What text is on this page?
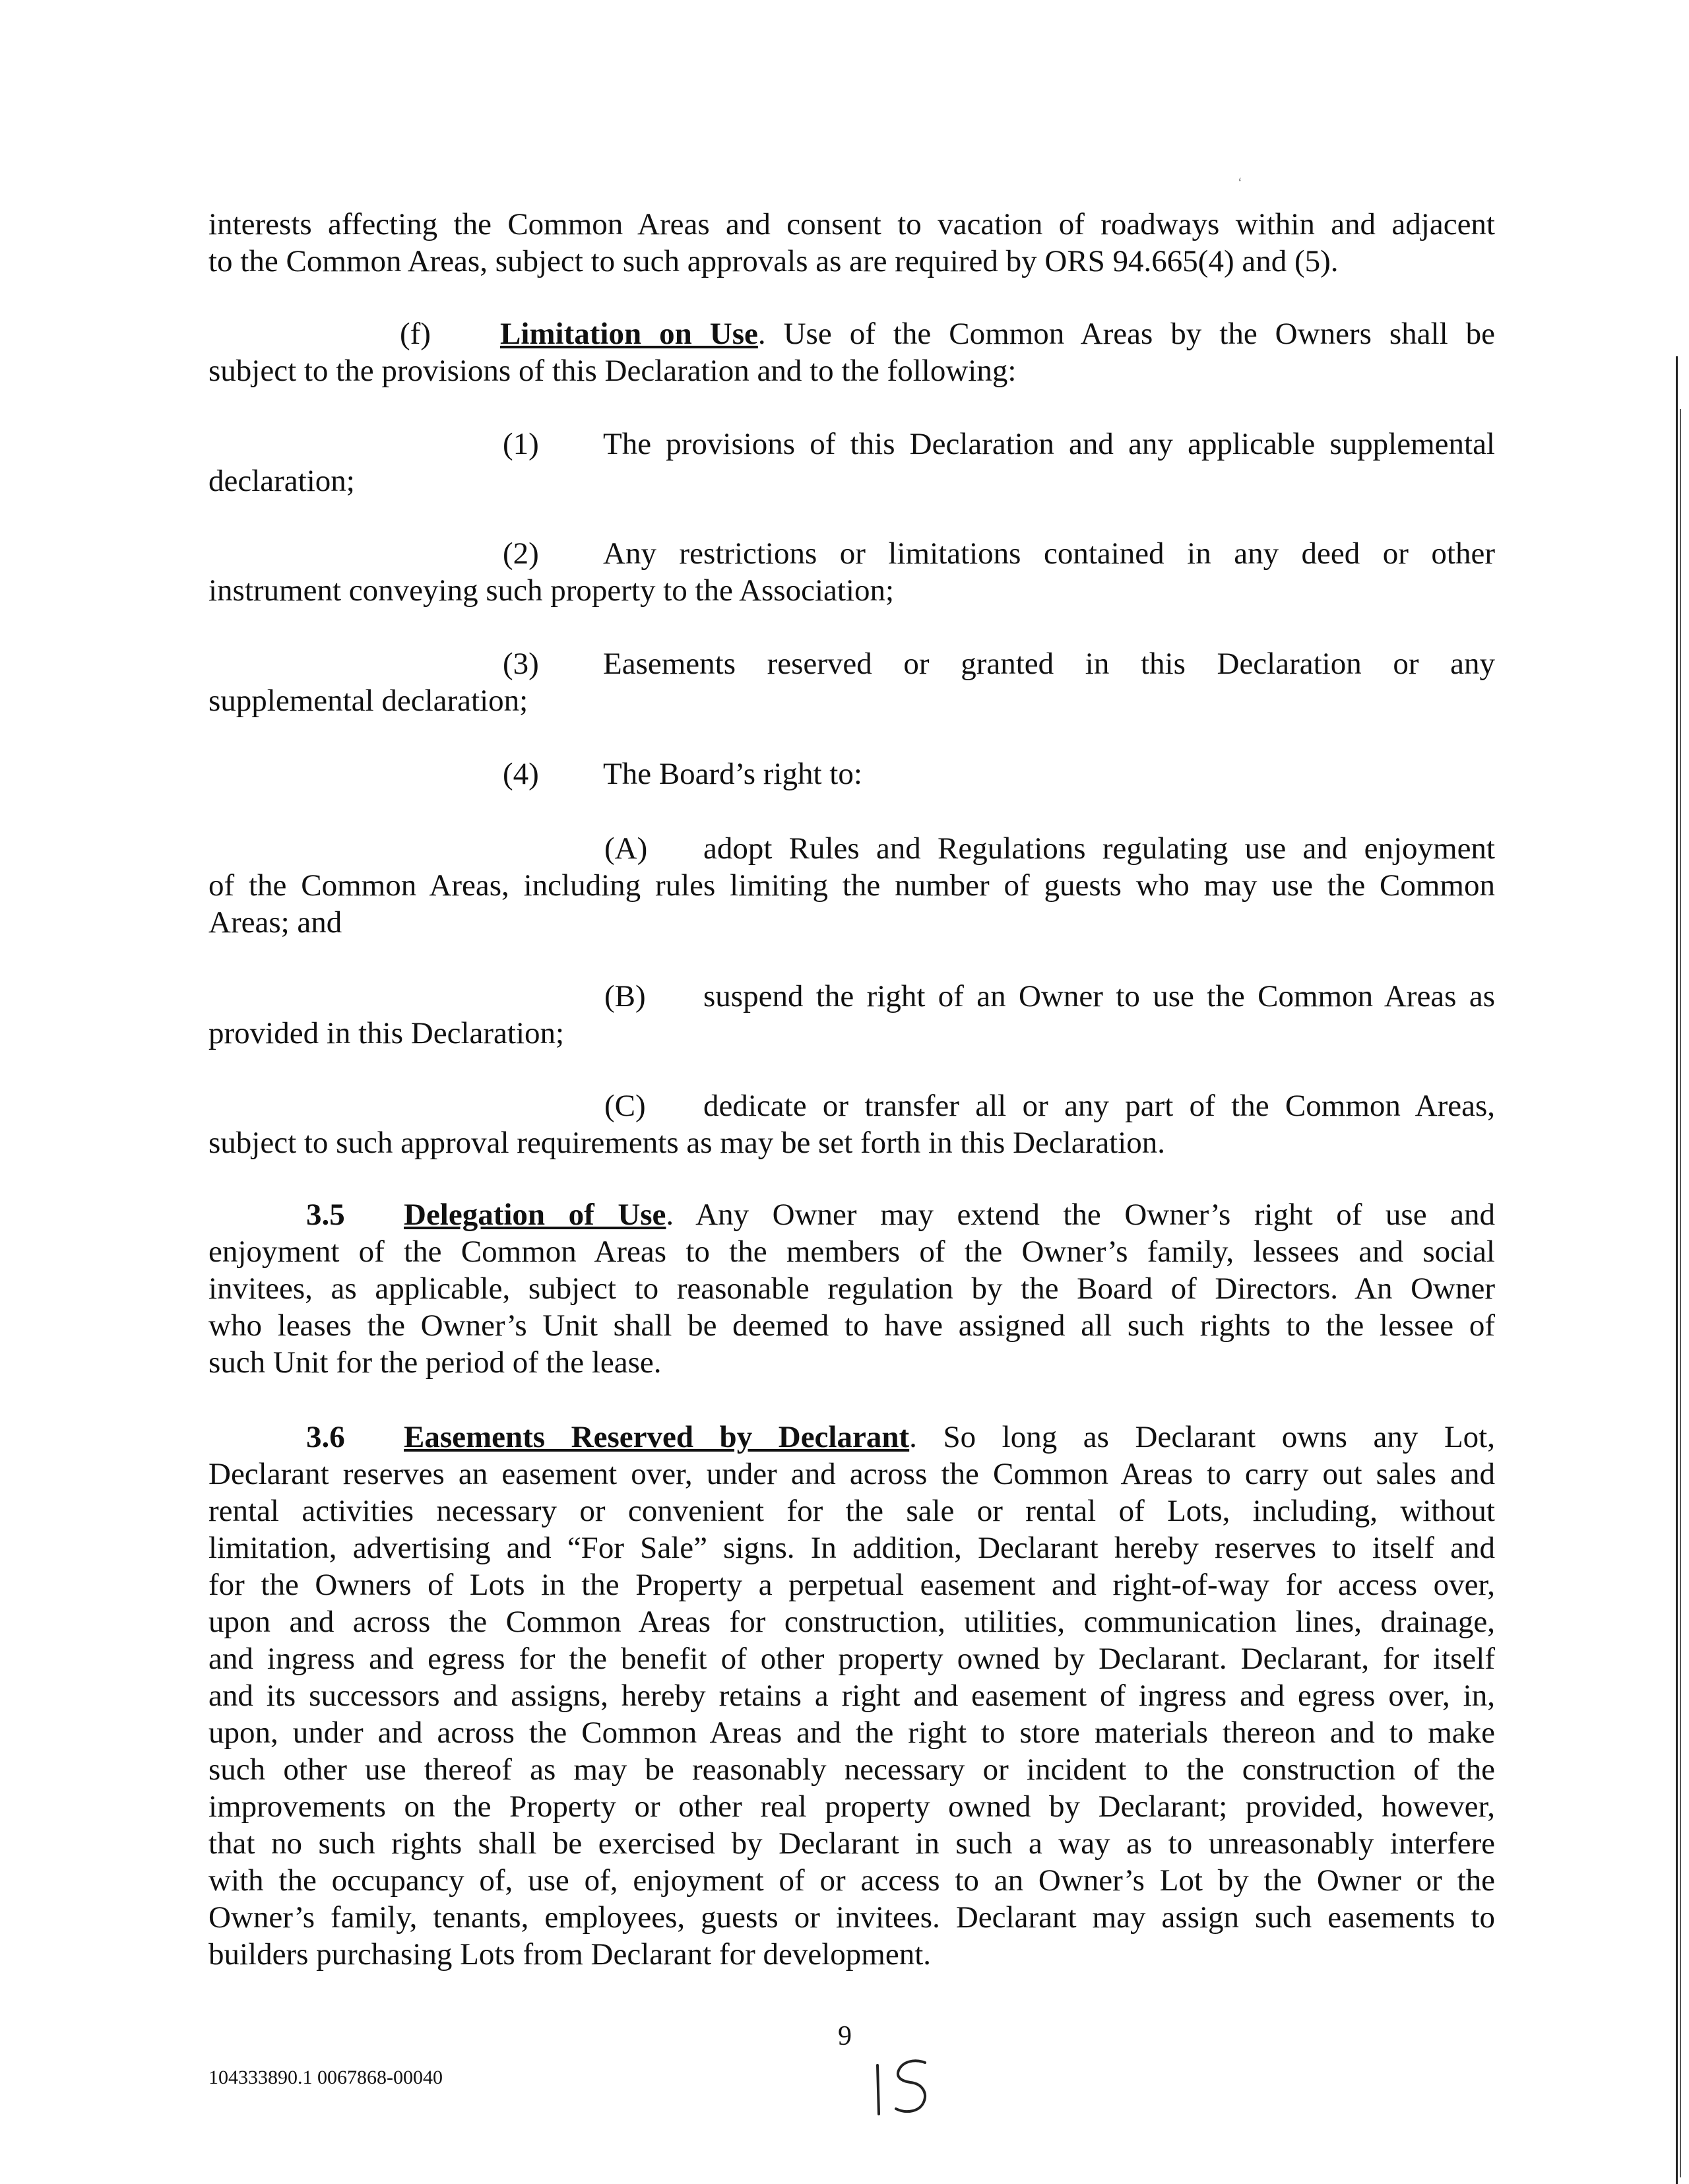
‘

interests affecting the Common Areas and consent to vacation of roadways within and adjacent
to the Common Areas, subject to such approvals as are required by ORS 94.665(4) and (5).

(f) Limitation on Use. Use of the Common Areas by the Owners shall be
subject to the provisions of this Declaration and to the following:

(1) The provisions of this Declaration and any applicable supplemental
declaration;

(2) Any restrictions or limitations contained in any deed or other
instrument conveying such property to the Association;

(3) Easements reserved or granted in this Declaration or any
supplemental declaration;

(4) The Board’s right to:

(A) adopt Rules and Regulations regulating use and enjoyment
of the Common Areas, including rules limiting the number of guests who may use the Common
Areas; and

(B) suspend the right of an Owner to use the Common Areas as
provided in this Declaration;

(C) dedicate or transfer all or any part of the Common Areas,
subject to such approval requirements as may be set forth in this Declaration.

3.5 Delegation of Use. Any Owner may extend the Owner’s right of use and
enjoyment of the Common Areas to the members of the Owner’s family, lessees and social
invitees, as applicable, subject to reasonable regulation by the Board of Directors. An Owner
who leases the Owner’s Unit shall be deemed to have assigned all such rights to the lessee of
such Unit for the period of the lease.

3.6 Easements Reserved by Declarant. So long as Declarant owns any Lot,
Declarant reserves an easement over, under and across the Common Areas to carry out sales and
rental activities necessary or convenient for the sale or rental of Lots, including, without
limitation, advertising and “For Sale” signs. In addition, Declarant hereby reserves to itself and
for the Owners of Lots in the Property a perpetual easement and right-of-way for access over,
upon and across the Common Areas for construction, utilities, communication lines, drainage,
and ingress and egress for the benefit of other property owned by Declarant. Declarant, for itself
and its successors and assigns, hereby retains a right and easement of ingress and egress over, in,
upon, under and across the Common Areas and the right to store materials thereon and to make
such other use thereof as may be reasonably necessary or incident to the construction of the
improvements on the Property or other real property owned by Declarant; provided, however,
that no such rights shall be exercised by Declarant in such a way as to unreasonably interfere
with the occupancy of, use of, enjoyment of or access to an Owner’s Lot by the Owner or the
Owner’s family, tenants, employees, guests or invitees. Declarant may assign such easements to
builders purchasing Lots from Declarant for development.

9
104333890.1 0067868-00040
